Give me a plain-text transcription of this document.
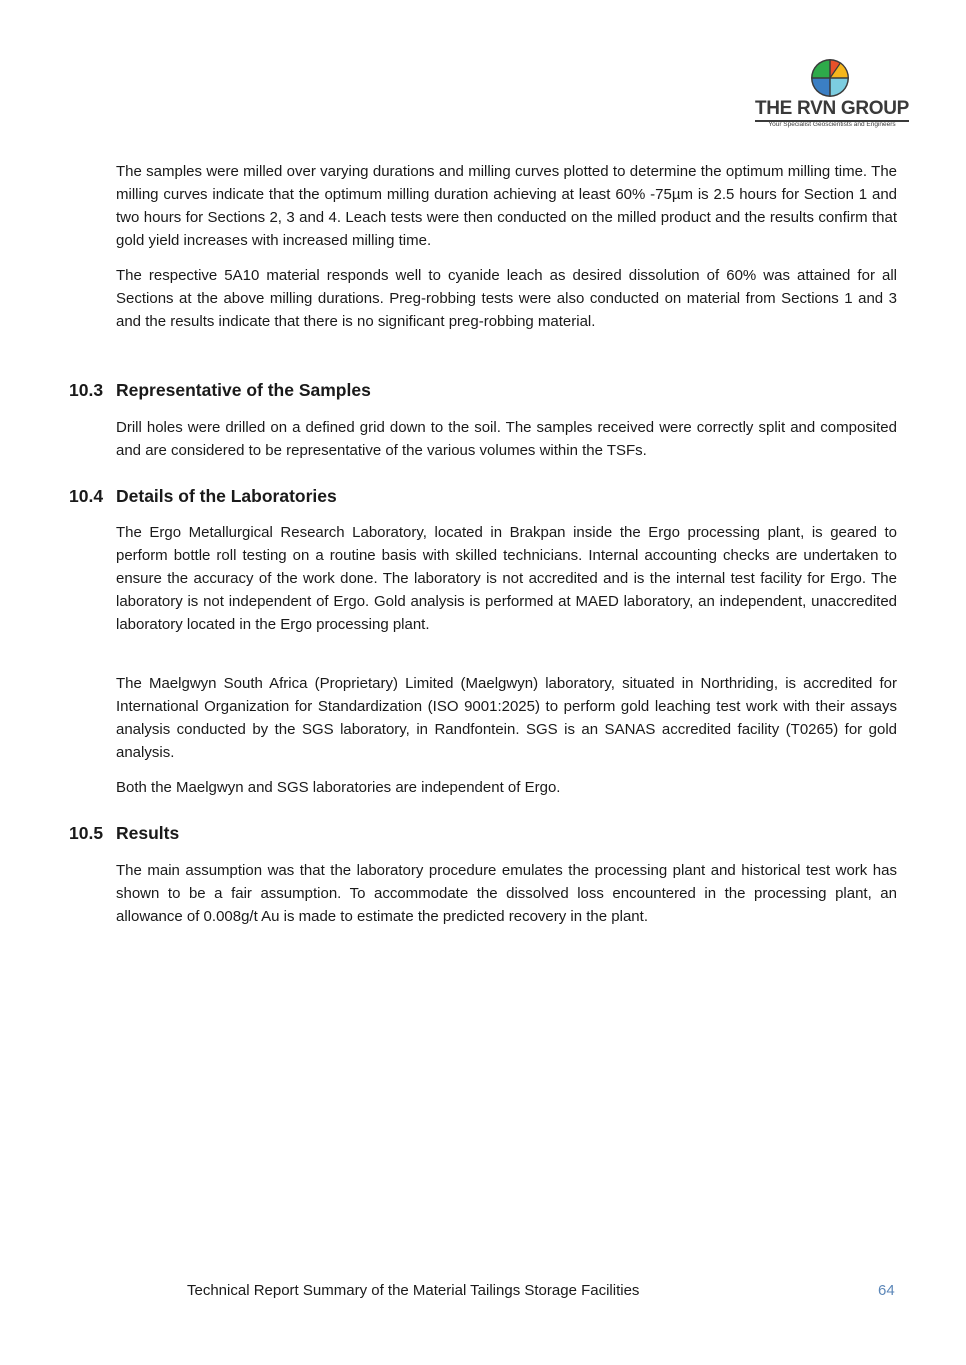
THE RVN GROUP
Your Specialist Geoscientists and Engineers

The samples were milled over varying durations and milling curves plotted to determine the optimum milling time. The milling curves indicate that the optimum milling duration achieving at least 60% -75µm is 2.5 hours for Section 1 and two hours for Sections 2, 3 and 4. Leach tests were then conducted on the milled product and the results confirm that gold yield increases with increased milling time.

The respective 5A10 material responds well to cyanide leach as desired dissolution of 60% was attained for all Sections at the above milling durations. Preg-robbing tests were also conducted on material from Sections 1 and 3 and the results indicate that there is no significant preg-robbing material.

10.3 Representative of the Samples

Drill holes were drilled on a defined grid down to the soil. The samples received were correctly split and composited and are considered to be representative of the various volumes within the TSFs.

10.4 Details of the Laboratories

The Ergo Metallurgical Research Laboratory, located in Brakpan inside the Ergo processing plant, is geared to perform bottle roll testing on a routine basis with skilled technicians. Internal accounting checks are undertaken to ensure the accuracy of the work done. The laboratory is not accredited and is the internal test facility for Ergo. The laboratory is not independent of Ergo. Gold analysis is performed at MAED laboratory, an independent, unaccredited laboratory located in the Ergo processing plant.

The Maelgwyn South Africa (Proprietary) Limited (Maelgwyn) laboratory, situated in Northriding, is accredited for International Organization for Standardization (ISO 9001:2025) to perform gold leaching test work with their assays analysis conducted by the SGS laboratory, in Randfontein. SGS is an SANAS accredited facility (T0265) for gold analysis.

Both the Maelgwyn and SGS laboratories are independent of Ergo.

10.5 Results

The main assumption was that the laboratory procedure emulates the processing plant and historical test work has shown to be a fair assumption. To accommodate the dissolved loss encountered in the processing plant, an allowance of 0.008g/t Au is made to estimate the predicted recovery in the plant.

Technical Report Summary of the Material Tailings Storage Facilities	64
